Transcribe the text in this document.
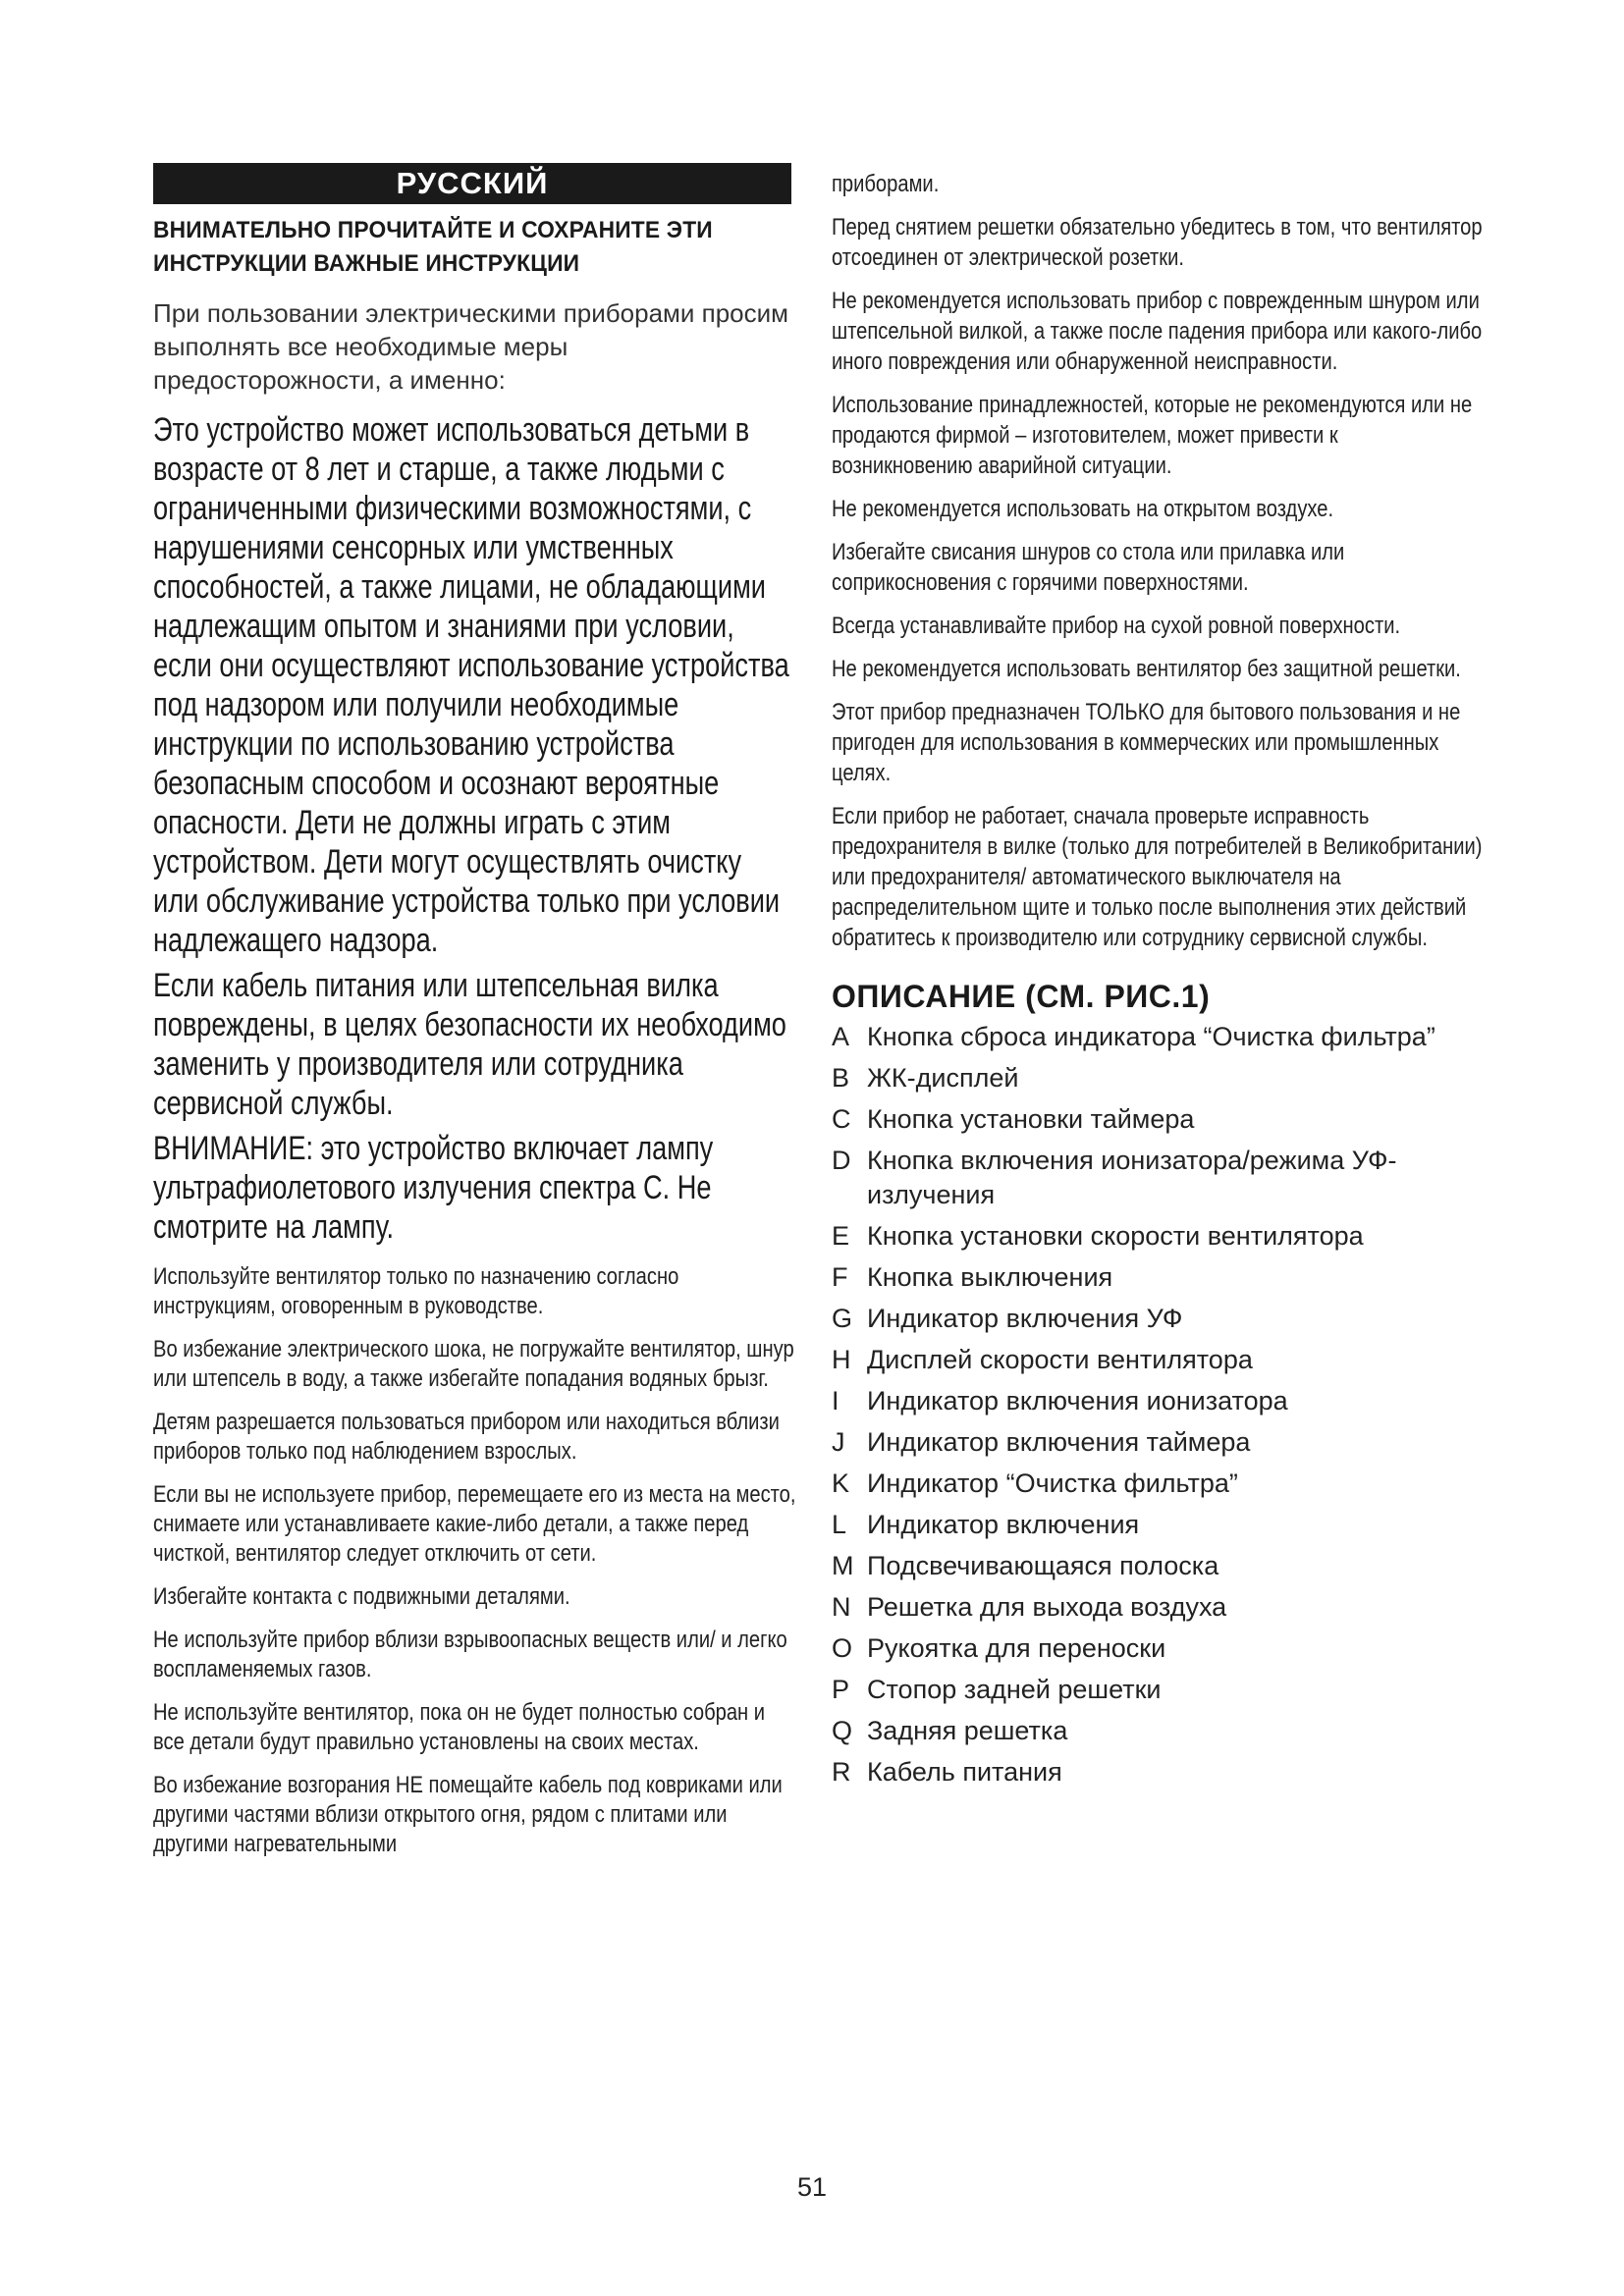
РУССКИЙ
ВНИМАТЕЛЬНО ПРОЧИТАЙТЕ И СОХРАНИТЕ ЭТИ ИНСТРУКЦИИ ВАЖНЫЕ ИНСТРУКЦИИ

При пользовании электрическими приборами просим выполнять все необходимые меры предосторожности, а именно:

Это устройство может использоваться детьми в возрасте от 8 лет и старше, а также людьми с ограниченными физическими возможностями, с нарушениями сенсорных или умственных способностей, а также лицами, не обладающими надлежащим опытом и знаниями при условии, если они осуществляют использование устройства под надзором или получили необходимые инструкции по использованию устройства безопасным способом и осознают вероятные опасности. Дети не должны играть с этим устройством. Дети могут осуществлять очистку или обслуживание устройства только при условии надлежащего надзора.

Если кабель питания или штепсельная вилка повреждены, в целях безопасности их необходимо заменить у производителя или сотрудника сервисной службы.

ВНИМАНИЕ: это устройство включает лампу ультрафиолетового излучения спектра С. Не смотрите на лампу.

Используйте вентилятор только по назначению согласно инструкциям, оговоренным в руководстве.

Во избежание электрического шока, не погружайте вентилятор, шнур или штепсель в воду, а также избегайте попадания водяных брызг.

Детям разрешается пользоваться прибором или находиться вблизи приборов только под наблюдением взрослых.

Если вы не используете прибор, перемещаете его из места на место, снимаете или устанавливаете какие-либо детали, а также перед чисткой, вентилятор следует отключить от сети.

Избегайте контакта с подвижными деталями.

Не используйте прибор вблизи взрывоопасных веществ или/ и легко воспламеняемых газов.

Не используйте вентилятор, пока он не будет полностью собран и все детали будут правильно установлены на своих местах.

Во избежание возгорания НЕ помещайте кабель под ковриками или другими частями вблизи открытого огня, рядом с плитами или другими нагревательными

приборами.

Перед снятием решетки обязательно убедитесь в том, что вентилятор отсоединен от электрической розетки.

Не рекомендуется использовать прибор с поврежденным шнуром или штепсельной вилкой, а также после падения прибора или какого-либо иного повреждения или обнаруженной неисправности.

Использование принадлежностей, которые не рекомендуются или не продаются фирмой – изготовителем, может привести к возникновению аварийной ситуации.

Не рекомендуется использовать на открытом воздухе.

Избегайте свисания шнуров со стола или прилавка или соприкосновения с горячими поверхностями.

Всегда устанавливайте прибор на сухой ровной поверхности.

Не рекомендуется использовать вентилятор без защитной решетки.

Этот прибор предназначен ТОЛЬКО для бытового пользования и не пригоден для использования в коммерческих или промышленных целях.

Если прибор не работает, сначала проверьте исправность предохранителя в вилке (только для потребителей в Великобритании) или предохранителя/ автоматического выключателя на распределительном щите и только после выполнения этих действий обратитесь к производителю или сотруднику сервисной службы.

ОПИСАНИЕ (СМ. РИС.1)
A Кнопка сброса индикатора “Очистка фильтра”
B ЖК-дисплей
C Кнопка установки таймера
D Кнопка включения ионизатора/режима УФ-излучения
E Кнопка установки скорости вентилятора
F Кнопка выключения
G Индикатор включения УФ
H Дисплей скорости вентилятора
I	Индикатор включения ионизатора
J Индикатор включения таймера
K Индикатор “Очистка фильтра”
L Индикатор включения
M Подсвечивающаяся полоска
N Решетка для выхода воздуха
O Рукоятка для переноски
P Стопор задней решетки
Q Задняя решетка
R Кабель питания
51
